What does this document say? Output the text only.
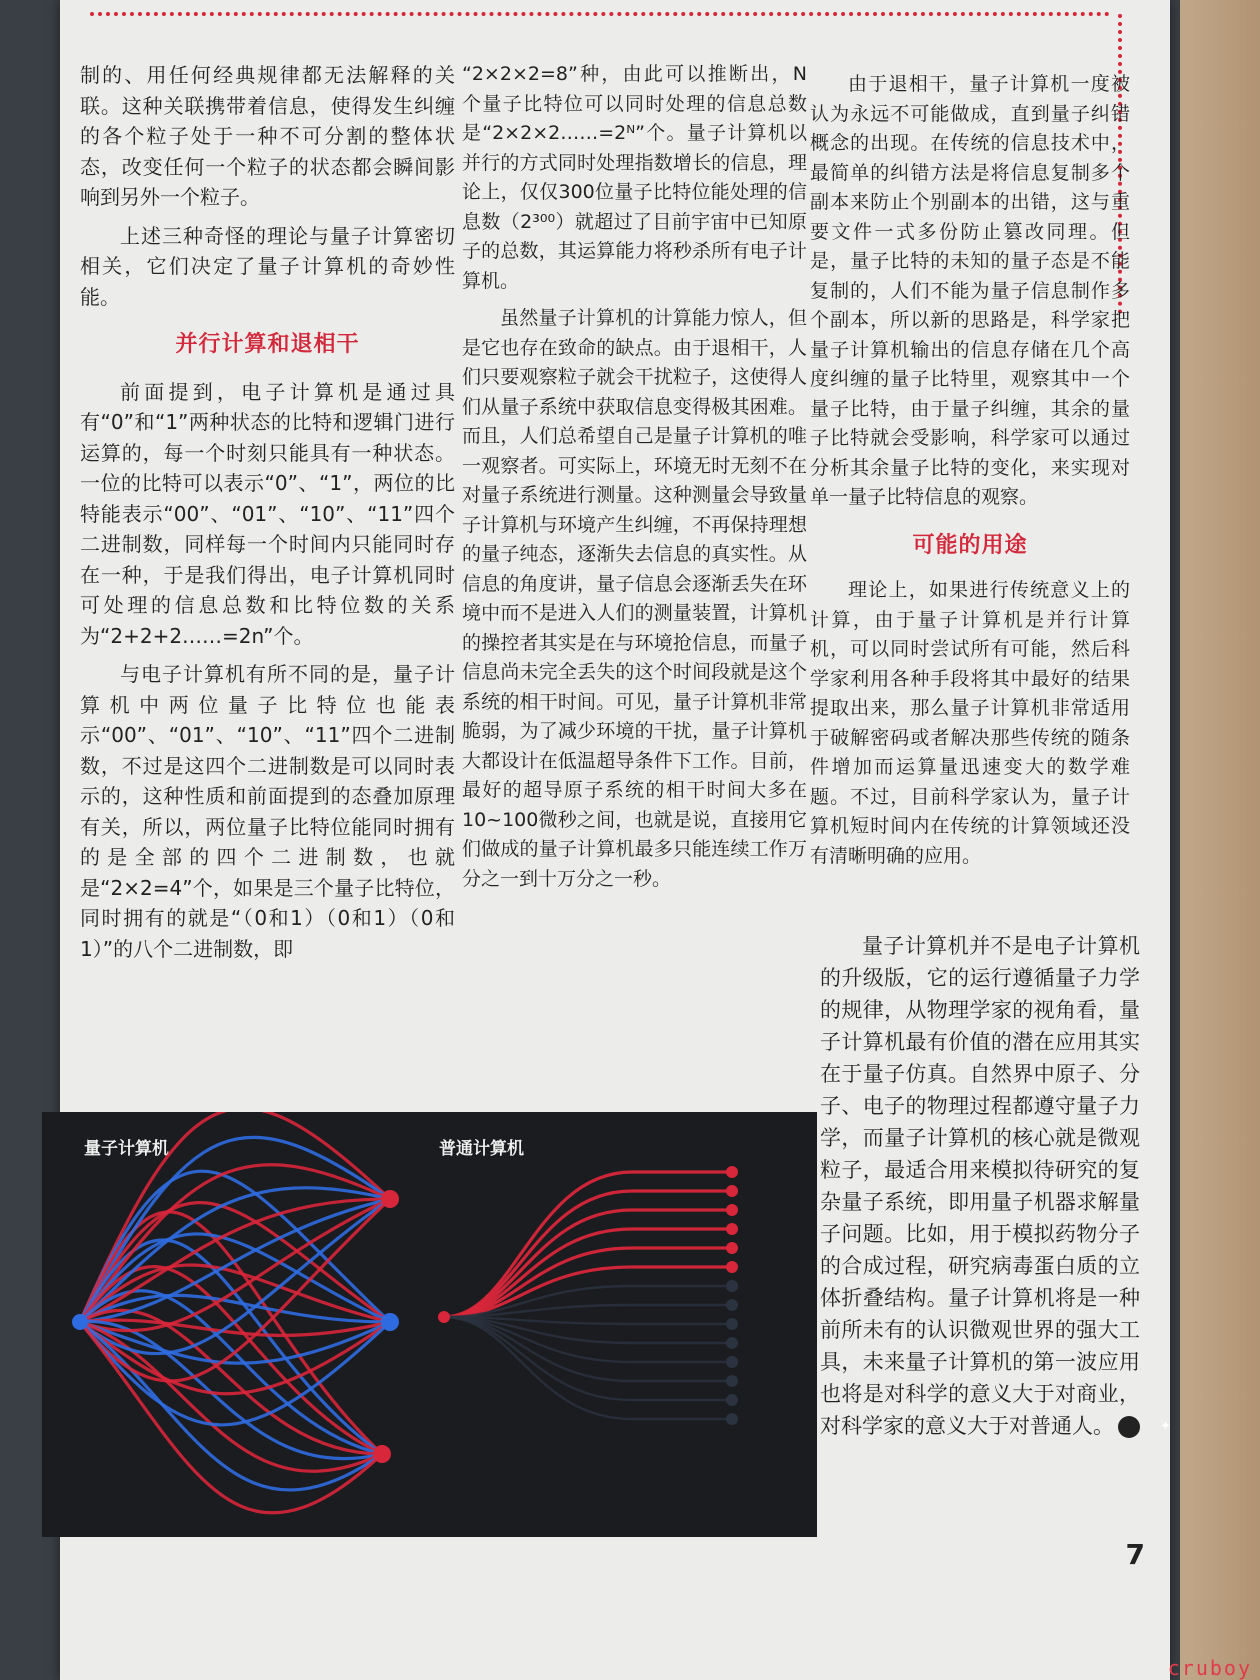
制的、用任何经典规律都无法解释的关联。这种关联携带着信息，使得发生纠缠的各个粒子处于一种不可分割的整体状态，改变任何一个粒子的状态都会瞬间影响到另外一个粒子。

上述三种奇怪的理论与量子计算密切相关，它们决定了量子计算机的奇妙性能。

并行计算和退相干

前面提到，电子计算机是通过具有“0”和“1”两种状态的比特和逻辑门进行运算的，每一个时刻只能具有一种状态。一位的比特可以表示“0”、“1”，两位的比特能表示“00”、“01”、“10”、“11”四个二进制数，同样每一个时间内只能同时存在一种，于是我们得出，电子计算机同时可处理的信息总数和比特位数的关系为“2+2+2……=2n”个。

与电子计算机有所不同的是，量子计算机中两位量子比特位也能表示“00”、“01”、“10”、“11”四个二进制数，不过是这四个二进制数是可以同时表示的，这种性质和前面提到的态叠加原理有关，所以，两位量子比特位能同时拥有的是全部的四个二进制数，也就是“2×2=4”个，如果是三个量子比特位，同时拥有的就是“（0和1）（0和1）（0和1）”的八个二进制数，即

“2×2×2=8”种，由此可以推断出，N 个量子比特位可以同时处理的信息总数是“2×2×2……=2ᴺ”个。量子计算机以并行的方式同时处理指数增长的信息，理论上，仅仅300位量子比特位能处理的信息数（2³⁰⁰）就超过了目前宇宙中已知原子的总数，其运算能力将秒杀所有电子计算机。

虽然量子计算机的计算能力惊人，但是它也存在致命的缺点。由于退相干，人们只要观察粒子就会干扰粒子，这使得人们从量子系统中获取信息变得极其困难。而且，人们总希望自己是量子计算机的唯一观察者。可实际上，环境无时无刻不在对量子系统进行测量。这种测量会导致量子计算机与环境产生纠缠，不再保持理想的量子纯态，逐渐失去信息的真实性。从信息的角度讲，量子信息会逐渐丢失在环境中而不是进入人们的测量装置，计算机的操控者其实是在与环境抢信息，而量子信息尚未完全丢失的这个时间段就是这个系统的相干时间。可见，量子计算机非常脆弱，为了减少环境的干扰，量子计算机大都设计在低温超导条件下工作。目前，最好的超导原子系统的相干时间大多在10~100微秒之间，也就是说，直接用它们做成的量子计算机最多只能连续工作万分之一到十万分之一秒。

由于退相干，量子计算机一度被认为永远不可能做成，直到量子纠错概念的出现。在传统的信息技术中，最简单的纠错方法是将信息复制多个副本来防止个别副本的出错，这与重要文件一式多份防止篡改同理。但是，量子比特的未知的量子态是不能复制的，人们不能为量子信息制作多个副本，所以新的思路是，科学家把量子计算机输出的信息存储在几个高度纠缠的量子比特里，观察其中一个量子比特，由于量子纠缠，其余的量子比特就会受影响，科学家可以通过分析其余量子比特的变化，来实现对单一量子比特信息的观察。

可能的用途

理论上，如果进行传统意义上的计算，由于量子计算机是并行计算机，可以同时尝试所有可能，然后科学家利用各种手段将其中最好的结果提取出来，那么量子计算机非常适用于破解密码或者解决那些传统的随条件增加而运算量迅速变大的数学难题。不过，目前科学家认为，量子计算机短时间内在传统的计算领域还没有清晰明确的应用。

量子计算机并不是电子计算机的升级版，它的运行遵循量子力学的规律，从物理学家的视角看，量子计算机最有价值的潜在应用其实在于量子仿真。自然界中原子、分子、电子的物理过程都遵守量子力学，而量子计算机的核心就是微观粒子，最适合用来模拟待研究的复杂量子系统，即用量子机器求解量子问题。比如，用于模拟药物分子的合成过程，研究病毒蛋白质的立体折叠结构。量子计算机将是一种前所未有的认识微观世界的强大工具，未来量子计算机的第一波应用也将是对科学的意义大于对商业，对科学家的意义大于对普通人。	✦

量子计算机	普通计算机
7
cruboy
